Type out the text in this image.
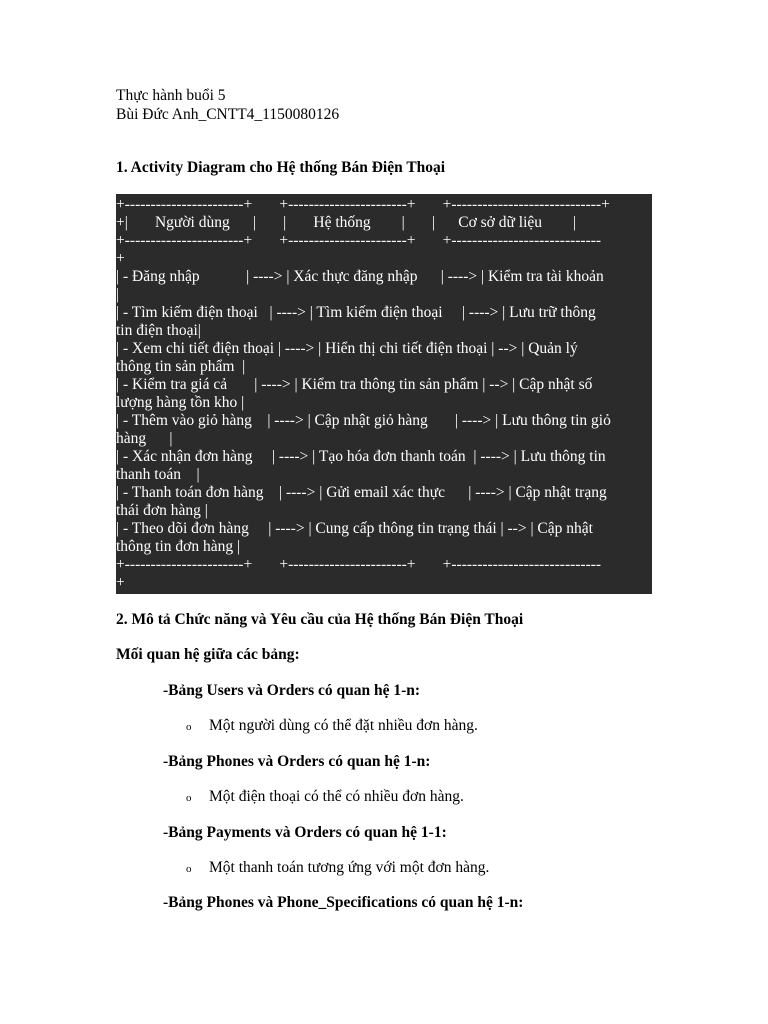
Thực hành buổi 5
Bùi Đức Anh_CNTT4_1150080126
1. Activity Diagram cho Hệ thống Bán Điện Thoại
+-----------------------+       +-----------------------+       +-----------------------------+
+|       Người dùng      |       |       Hệ thống        |       |      Cơ sở dữ liệu        |
+-----------------------+       +-----------------------+       +-----------------------------
+
| - Đăng nhập            | ----> | Xác thực đăng nhập      | ----> | Kiểm tra tài khoản
|
| - Tìm kiếm điện thoại   | ----> | Tìm kiếm điện thoại     | ----> | Lưu trữ thông
tin điện thoại|
| - Xem chi tiết điện thoại | ----> | Hiển thị chi tiết điện thoại | --> | Quản lý
thông tin sản phẩm  |
| - Kiểm tra giá cả       | ----> | Kiểm tra thông tin sản phẩm | --> | Cập nhật số
lượng hàng tồn kho |
| - Thêm vào giỏ hàng    | ----> | Cập nhật giỏ hàng       | ----> | Lưu thông tin giỏ
hàng      |
| - Xác nhận đơn hàng     | ----> | Tạo hóa đơn thanh toán  | ----> | Lưu thông tin
thanh toán    |
| - Thanh toán đơn hàng    | ----> | Gửi email xác thực      | ----> | Cập nhật trạng
thái đơn hàng |
| - Theo dõi đơn hàng     | ----> | Cung cấp thông tin trạng thái | --> | Cập nhật
thông tin đơn hàng |
+-----------------------+       +-----------------------+       +-----------------------------
+
2. Mô tả Chức năng và Yêu cầu của Hệ thống Bán Điện Thoại
Mối quan hệ giữa các bảng:
-Bảng Users và Orders có quan hệ 1-n:
o Một người dùng có thể đặt nhiều đơn hàng.
-Bảng Phones và Orders có quan hệ 1-n:
o Một điện thoại có thể có nhiều đơn hàng.
-Bảng Payments và Orders có quan hệ 1-1:
o Một thanh toán tương ứng với một đơn hàng.
-Bảng Phones và Phone_Specifications có quan hệ 1-n:
